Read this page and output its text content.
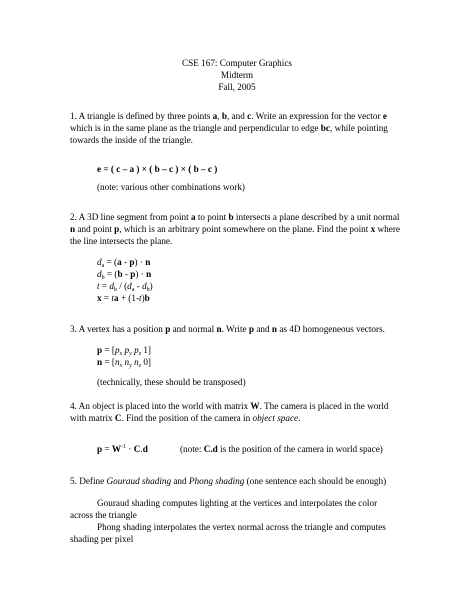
CSE 167: Computer Graphics

Midterm

Fall, 2005

1. A triangle is defined by three points a, b, and c. Write an expression for the vector e

which is in the same plane as the triangle and perpendicular to edge bc, while pointing

towards the inside of the triangle.

e = ( c – a ) × ( b – c ) × ( b – c )

(note: various other combinations work)

2. A 3D line segment from point a to point b intersects a plane described by a unit normal

n and point p, which is an arbitrary point somewhere on the plane. Find the point x where

the line intersects the plane.

$d_a = (a - p) \cdot n$

$d_b = (b - p) \cdot n$

$t = d_b / (d_a - d_b)$

x = ta + (1-t)b

3. A vertex has a position p and normal n. Write p and n as 4D homogeneous vectors.

$p = [p_x$ $p_y$ $p_z$ 1]

$n = [n_x$ $n_y$ $n_z$ 0]

(technically, these should be transposed)

4. An object is placed into the world with matrix W. The camera is placed in the world

with matrix C. Find the position of the camera in object space.

$p = W^{-1} \cdot C.d$	(note: C.d is the position of the camera in world space)

5. Define Gouraud shading and Phong shading (one sentence each should be enough)

Gouraud shading computes lighting at the vertices and interpolates the color

across the triangle

Phong shading interpolates the vertex normal across the triangle and computes

shading per pixel
